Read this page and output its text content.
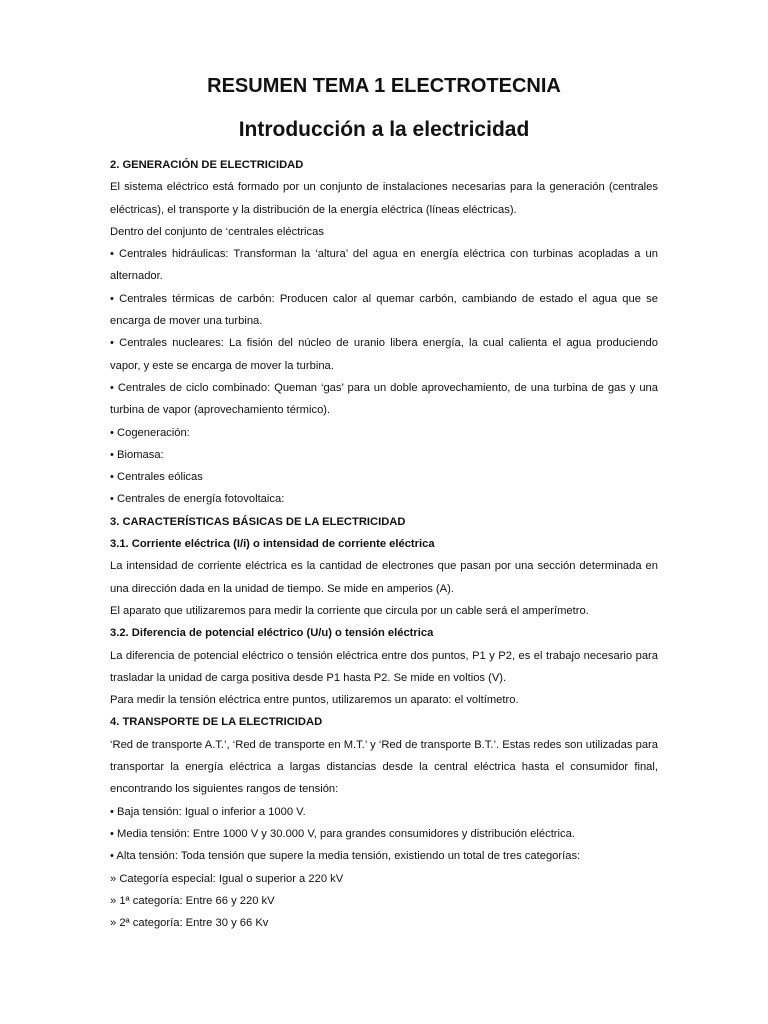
RESUMEN TEMA 1 ELECTROTECNIA
Introducción a la electricidad

2. GENERACIÓN DE ELECTRICIDAD

El sistema eléctrico está formado por un conjunto de instalaciones necesarias para la generación (centrales eléctricas), el transporte y la distribución de la energía eléctrica (líneas eléctricas).

Dentro del conjunto de ‘centrales eléctricas

• Centrales hidráulicas: Transforman la ‘altura’ del agua en energía eléctrica con turbinas acopladas a un alternador.

• Centrales térmicas de carbón: Producen calor al quemar carbón, cambiando de estado el agua que se encarga de mover una turbina.

• Centrales nucleares: La fisión del núcleo de uranio libera energía, la cual calienta el agua produciendo vapor, y este se encarga de mover la turbina.

• Centrales de ciclo combinado: Queman ‘gas’ para un doble aprovechamiento, de una turbina de gas y una turbina de vapor (aprovechamiento térmico).

• Cogeneración:

• Biomasa:

• Centrales eólicas

• Centrales de energía fotovoltaica:

3. CARACTERÍSTICAS BÁSICAS DE LA ELECTRICIDAD

3.1. Corriente eléctrica (I/i) o intensidad de corriente eléctrica

La intensidad de corriente eléctrica es la cantidad de electrones que pasan por una sección determinada en una dirección dada en la unidad de tiempo. Se mide en amperios (A).

El aparato que utilizaremos para medir la corriente que circula por un cable será el amperímetro.

3.2. Diferencia de potencial eléctrico (U/u) o tensión eléctrica

La diferencia de potencial eléctrico o tensión eléctrica entre dos puntos, P1 y P2, es el trabajo necesario para trasladar la unidad de carga positiva desde P1 hasta P2. Se mide en voltios (V).

Para medir la tensión eléctrica entre puntos, utilizaremos un aparato: el voltímetro.

4. TRANSPORTE DE LA ELECTRICIDAD

‘Red de transporte A.T.’, ‘Red de transporte en M.T.’ y ‘Red de transporte B.T.’. Estas redes son utilizadas para transportar la energía eléctrica a largas distancias desde la central eléctrica hasta el consumidor final, encontrando los siguientes rangos de tensión:

• Baja tensión: Igual o inferior a 1000 V.

• Media tensión: Entre 1000 V y 30.000 V, para grandes consumidores y distribución eléctrica.

• Alta tensión: Toda tensión que supere la media tensión, existiendo un total de tres categorías:

» Categoría especial: Igual o superior a 220 kV

» 1ª categoría: Entre 66 y 220 kV

» 2ª categoría: Entre 30 y 66 Kv
